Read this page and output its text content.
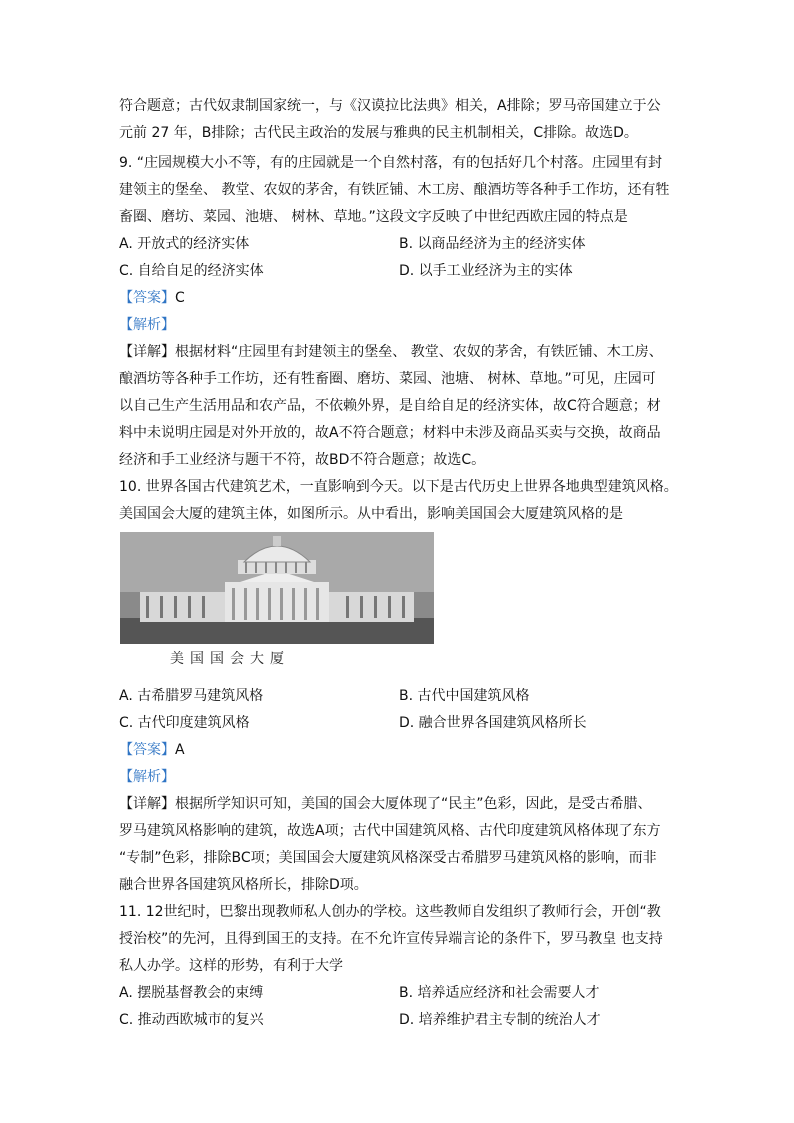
符合题意；古代奴隶制国家统一，与《汉谟拉比法典》相关，A排除；罗马帝国建立于公
元前 27 年，B排除；古代民主政治的发展与雅典的民主机制相关，C排除。故选D。
9. “庄园规模大小不等，有的庄园就是一个自然村落，有的包括好几个村落。庄园里有封
建领主的堡垒、 教堂、农奴的茅舍，有铁匠铺、木工房、酿酒坊等各种手工作坊，还有牲
畜圈、磨坊、菜园、池塘、 树林、草地。”这段文字反映了中世纪西欧庄园的特点是
A. 开放式的经济实体	B. 以商品经济为主的经济实体
C. 自给自足的经济实体	D. 以手工业经济为主的实体
【答案】C
【解析】
【详解】根据材料“庄园里有封建领主的堡垒、 教堂、农奴的茅舍，有铁匠铺、木工房、
酿酒坊等各种手工作坊，还有牲畜圈、磨坊、菜园、池塘、 树林、草地。”可见，庄园可
以自己生产生活用品和农产品，不依赖外界，是自给自足的经济实体，故C符合题意；材
料中未说明庄园是对外开放的，故A不符合题意；材料中未涉及商品买卖与交换，故商品
经济和手工业经济与题干不符，故BD不符合题意；故选C。
10. 世界各国古代建筑艺术，一直影响到今天。以下是古代历史上世界各地典型建筑风格。
美国国会大厦的建筑主体，如图所示。从中看出，影响美国国会大厦建筑风格的是
美国国会大厦
A. 古希腊罗马建筑风格	B. 古代中国建筑风格
C. 古代印度建筑风格	D. 融合世界各国建筑风格所长
【答案】A
【解析】
【详解】根据所学知识可知，美国的国会大厦体现了“民主”色彩，因此，是受古希腊、
罗马建筑风格影响的建筑，故选A项；古代中国建筑风格、古代印度建筑风格体现了东方
“专制”色彩，排除BC项；美国国会大厦建筑风格深受古希腊罗马建筑风格的影响，而非
融合世界各国建筑风格所长，排除D项。
11. 12世纪时，巴黎出现教师私人创办的学校。这些教师自发组织了教师行会，开创“教
授治校”的先河，且得到国王的支持。在不允许宣传异端言论的条件下，罗马教皇 也支持
私人办学。这样的形势，有利于大学
A. 摆脱基督教会的束缚	B. 培养适应经济和社会需要人才
C. 推动西欧城市的复兴	D. 培养维护君主专制的统治人才
